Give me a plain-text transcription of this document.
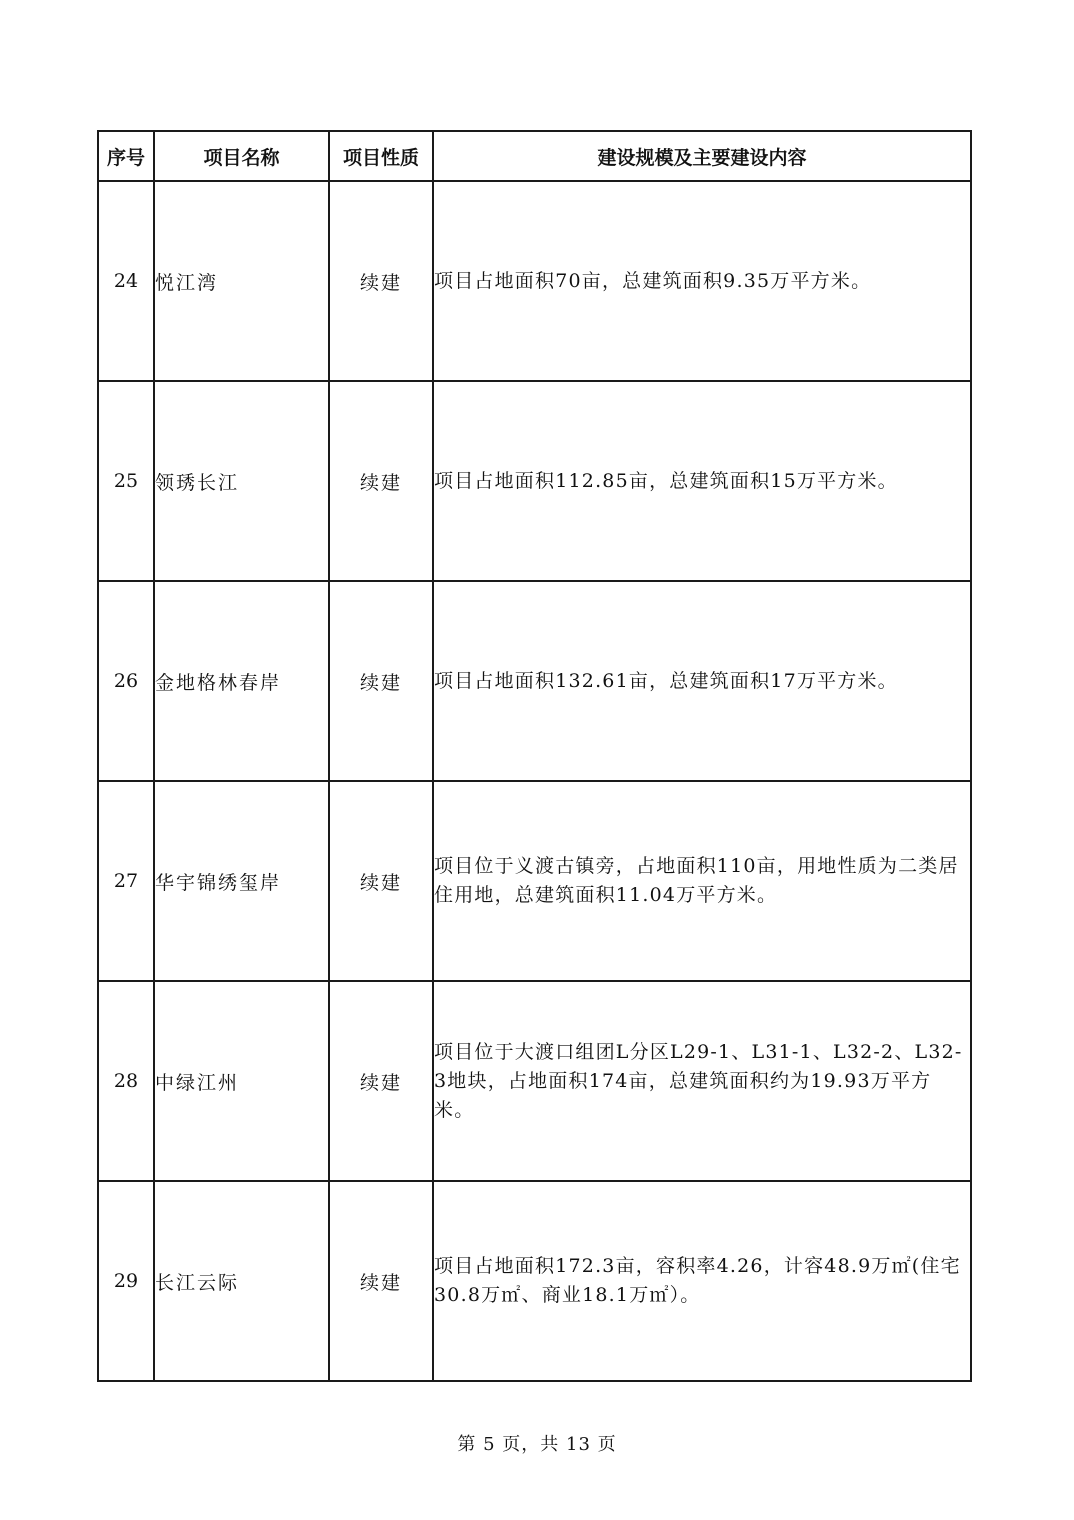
序号	项目名称	项目性质	建设规模及主要建设内容
24	悦江湾	续建	项目占地面积70亩，总建筑面积9.35万平方米。
25	领琇长江	续建	项目占地面积112.85亩，总建筑面积15万平方米。
26	金地格林春岸	续建	项目占地面积132.61亩，总建筑面积17万平方米。
27	华宇锦绣玺岸	续建	项目位于义渡古镇旁，占地面积110亩，用地性质为二类居住用地，总建筑面积11.04万平方米。
28	中绿江州	续建	项目位于大渡口组团L分区L29-1、L31-1、L32-2、L32-3地块，占地面积174亩，总建筑面积约为19.93万平方米。
29	长江云际	续建	项目占地面积172.3亩，容积率4.26，计容48.9万㎡(住宅30.8万㎡、商业18.1万㎡）。
第 5 页，共 13 页
